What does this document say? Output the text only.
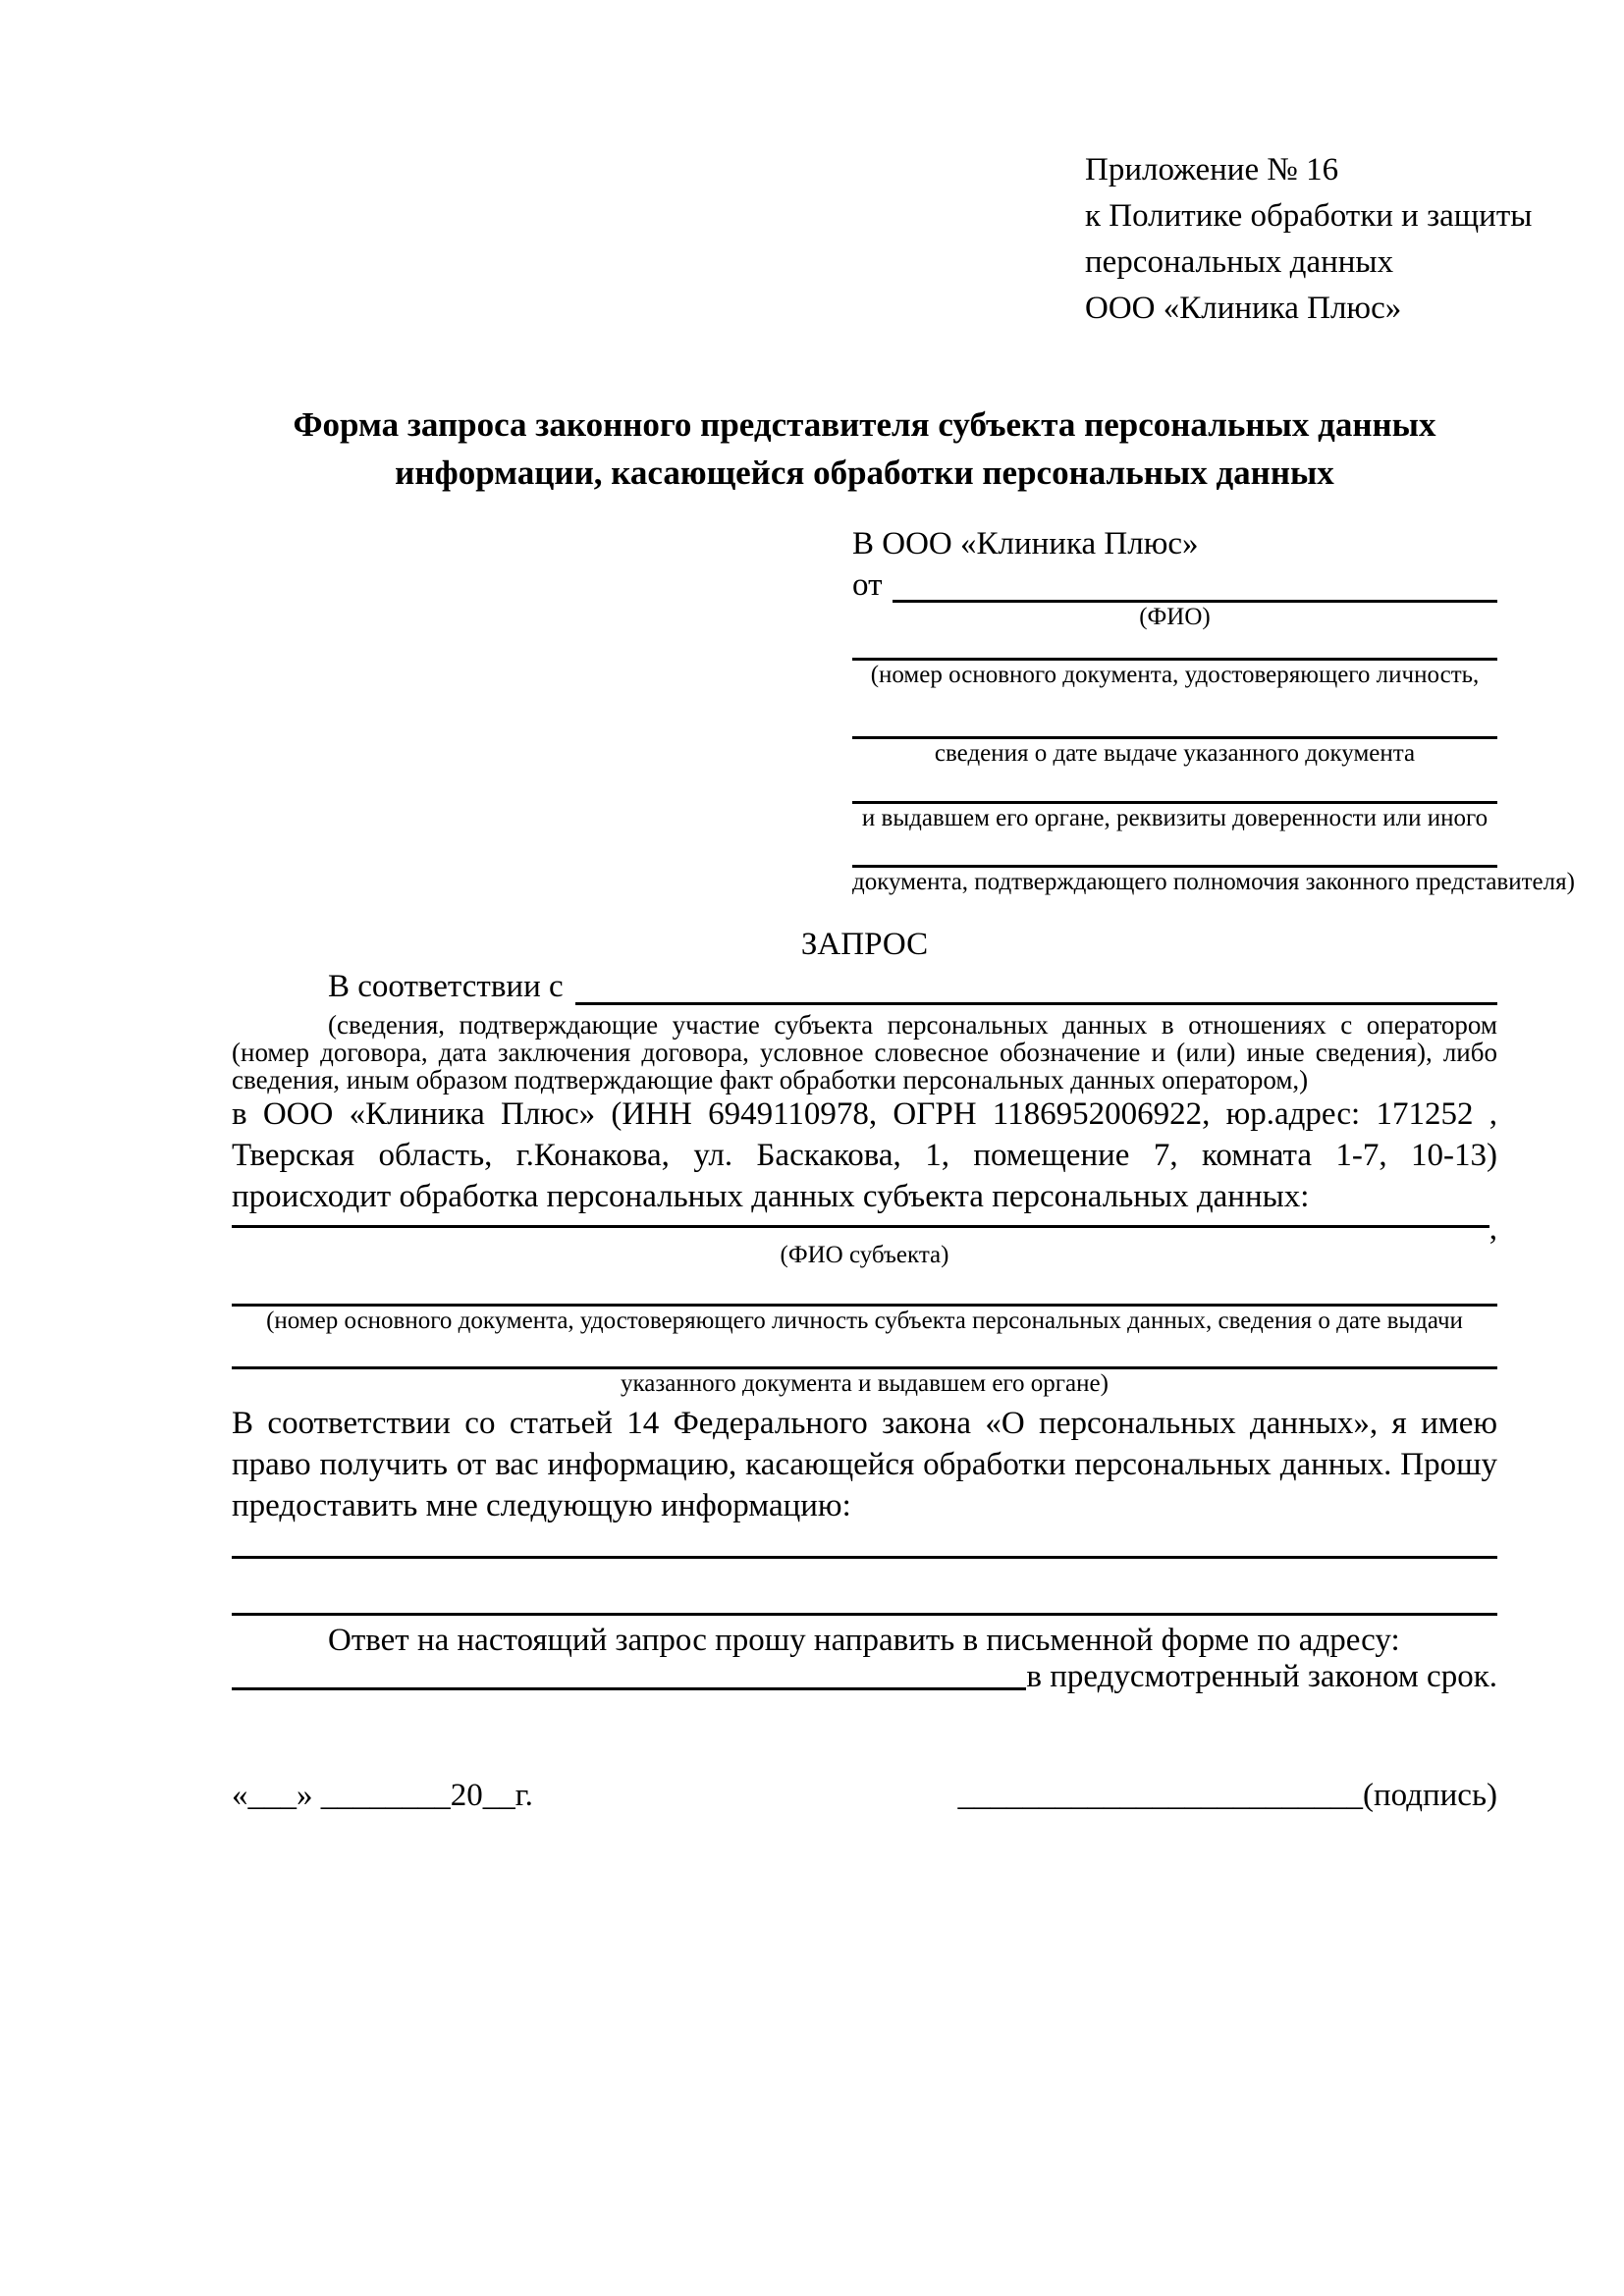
Приложение № 16
к Политике обработки и защиты
персональных данных
ООО «Клиника Плюс»
Форма запроса законного представителя субъекта персональных данных
информации, касающейся обработки персональных данных
В ООО «Клиника Плюс»
от
(ФИО)
(номер основного документа, удостоверяющего личность,
сведения о дате выдаче указанного документа
и выдавшем его органе, реквизиты доверенности или иного
документа, подтверждающего полномочия законного представителя)
ЗАПРОС
В соответствии с
(сведения, подтверждающие участие субъекта персональных данных в отношениях с оператором (номер договора, дата заключения договора, условное словесное обозначение и (или) иные сведения), либо сведения, иным образом подтверждающие факт обработки персональных данных оператором,)
в ООО «Клиника Плюс» (ИНН 6949110978, ОГРН 1186952006922, юр.адрес: 171252 , Тверская область, г.Конакова, ул. Баскакова, 1, помещение 7, комната 1-7, 10-13) происходит обработка персональных данных субъекта персональных данных:
,
(ФИО субъекта)
(номер основного документа, удостоверяющего личность субъекта персональных данных, сведения о дате выдачи
указанного документа и выдавшем его органе)
В соответствии со статьей 14 Федерального закона «О персональных данных», я имею право получить от вас информацию, касающейся обработки персональных данных. Прошу предоставить мне следующую информацию:
Ответ на настоящий запрос прошу направить в письменной форме по адресу:
в предусмотренный законом срок.
«___» ________20__г.	_________________________(подпись)
